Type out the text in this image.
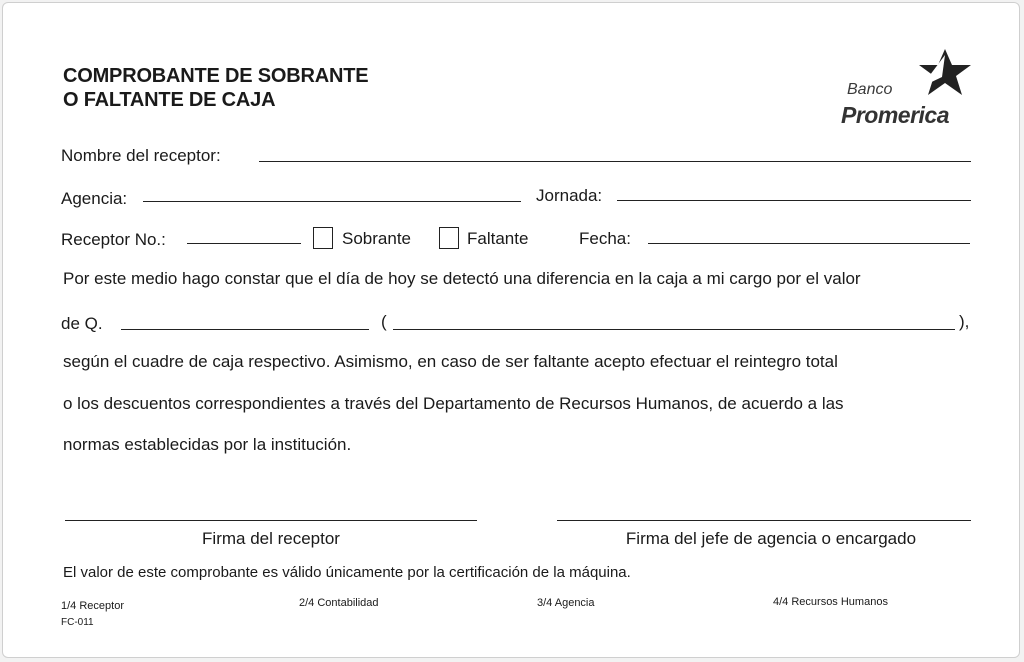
COMPROBANTE DE SOBRANTE
O FALTANTE DE CAJA	Banco
Promerica
Nombre del receptor:
Agencia:	Jornada:
Receptor No.:	Sobrante	Faltante	Fecha:
Por este medio hago constar que el día de hoy se detectó una diferencia en la caja a mi cargo por el valor
de Q.	(	),
según el cuadre de caja respectivo. Asimismo, en caso de ser faltante acepto efectuar el reintegro total
o los descuentos correspondientes a través del Departamento de Recursos Humanos, de acuerdo a las
normas establecidas por la institución.
Firma del receptor	Firma del jefe de agencia o encargado
El valor de este comprobante es válido únicamente por la certificación de la máquina.
1/4 Receptor	2/4 Contabilidad	3/4 Agencia	4/4 Recursos Humanos
FC-011
